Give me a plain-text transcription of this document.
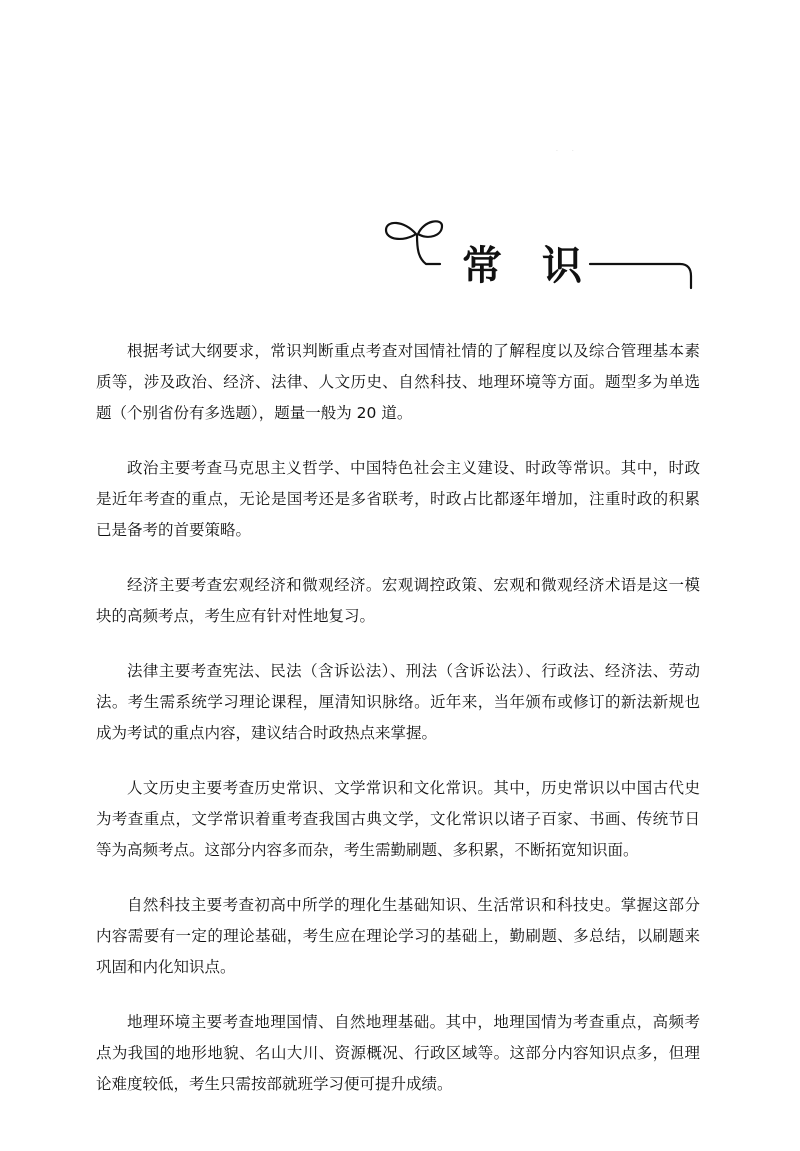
· ·
常识

根据考试大纲要求，常识判断重点考查对国情社情的了解程度以及综合管理基本素质等，涉及政治、经济、法律、人文历史、自然科技、地理环境等方面。题型多为单选题（个别省份有多选题），题量一般为 20 道。

政治主要考查马克思主义哲学、中国特色社会主义建设、时政等常识。其中，时政是近年考查的重点，无论是国考还是多省联考，时政占比都逐年增加，注重时政的积累已是备考的首要策略。

经济主要考查宏观经济和微观经济。宏观调控政策、宏观和微观经济术语是这一模块的高频考点，考生应有针对性地复习。

法律主要考查宪法、民法（含诉讼法）、刑法（含诉讼法）、行政法、经济法、劳动法。考生需系统学习理论课程，厘清知识脉络。近年来，当年颁布或修订的新法新规也成为考试的重点内容，建议结合时政热点来掌握。

人文历史主要考查历史常识、文学常识和文化常识。其中，历史常识以中国古代史为考查重点，文学常识着重考查我国古典文学，文化常识以诸子百家、书画、传统节日等为高频考点。这部分内容多而杂，考生需勤刷题、多积累，不断拓宽知识面。

自然科技主要考查初高中所学的理化生基础知识、生活常识和科技史。掌握这部分内容需要有一定的理论基础，考生应在理论学习的基础上，勤刷题、多总结，以刷题来巩固和内化知识点。

地理环境主要考查地理国情、自然地理基础。其中，地理国情为考查重点，高频考点为我国的地形地貌、名山大川、资源概况、行政区域等。这部分内容知识点多，但理论难度较低，考生只需按部就班学习便可提升成绩。
